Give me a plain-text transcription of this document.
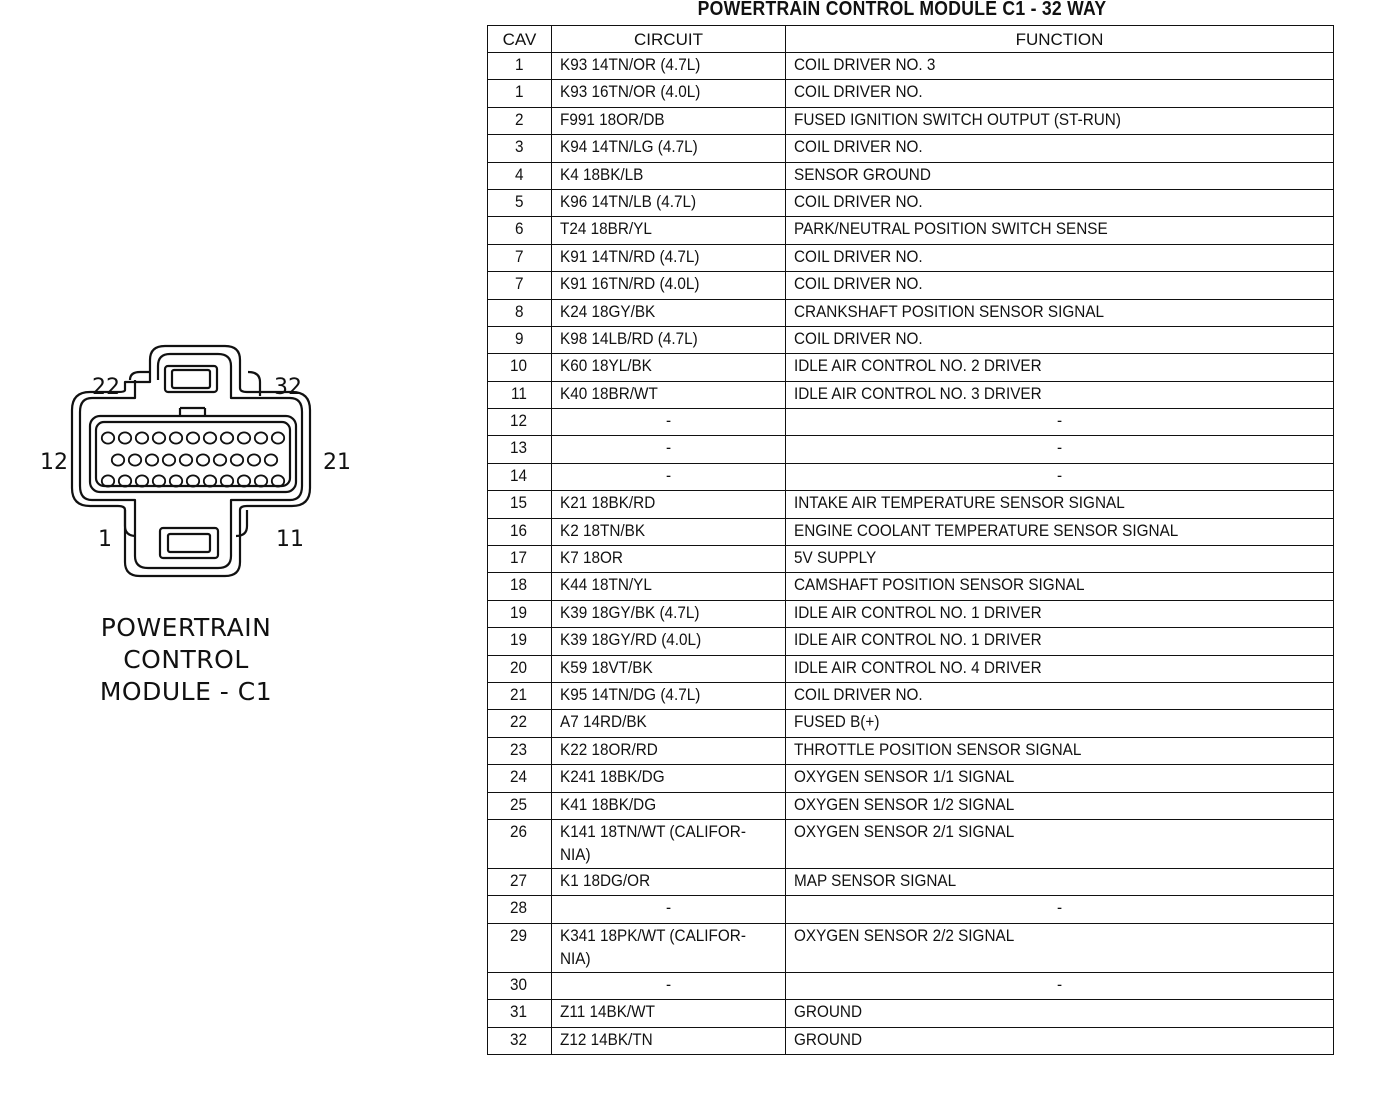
22	32
12	21
1	11
POWERTRAIN
CONTROL
MODULE - C1
POWERTRAIN CONTROL MODULE C1 - 32 WAY
CAV	CIRCUIT	FUNCTION
1	K93 14TN/OR (4.7L)	COIL DRIVER NO. 3
1	K93 16TN/OR (4.0L)	COIL DRIVER NO.
2	F991 18OR/DB	FUSED IGNITION SWITCH OUTPUT (ST-RUN)
3	K94 14TN/LG (4.7L)	COIL DRIVER NO.
4	K4 18BK/LB	SENSOR GROUND
5	K96 14TN/LB (4.7L)	COIL DRIVER NO.
6	T24 18BR/YL	PARK/NEUTRAL POSITION SWITCH SENSE
7	K91 14TN/RD (4.7L)	COIL DRIVER NO.
7	K91 16TN/RD (4.0L)	COIL DRIVER NO.
8	K24 18GY/BK	CRANKSHAFT POSITION SENSOR SIGNAL
9	K98 14LB/RD (4.7L)	COIL DRIVER NO.
10	K60 18YL/BK	IDLE AIR CONTROL NO. 2 DRIVER
11	K40 18BR/WT	IDLE AIR CONTROL NO. 3 DRIVER
12	-	-
13	-	-
14	-	-
15	K21 18BK/RD	INTAKE AIR TEMPERATURE SENSOR SIGNAL
16	K2 18TN/BK	ENGINE COOLANT TEMPERATURE SENSOR SIGNAL
17	K7 18OR	5V SUPPLY
18	K44 18TN/YL	CAMSHAFT POSITION SENSOR SIGNAL
19	K39 18GY/BK (4.7L)	IDLE AIR CONTROL NO. 1 DRIVER
19	K39 18GY/RD (4.0L)	IDLE AIR CONTROL NO. 1 DRIVER
20	K59 18VT/BK	IDLE AIR CONTROL NO. 4 DRIVER
21	K95 14TN/DG (4.7L)	COIL DRIVER NO.
22	A7 14RD/BK	FUSED B(+)
23	K22 18OR/RD	THROTTLE POSITION SENSOR SIGNAL
24	K241 18BK/DG	OXYGEN SENSOR 1/1 SIGNAL
25	K41 18BK/DG	OXYGEN SENSOR 1/2 SIGNAL
26	K141 18TN/WT (CALIFOR-
NIA)	OXYGEN SENSOR 2/1 SIGNAL
27	K1 18DG/OR	MAP SENSOR SIGNAL
28	-	-
29	K341 18PK/WT (CALIFOR-
NIA)	OXYGEN SENSOR 2/2 SIGNAL
30	-	-
31	Z11 14BK/WT	GROUND
32	Z12 14BK/TN	GROUND
